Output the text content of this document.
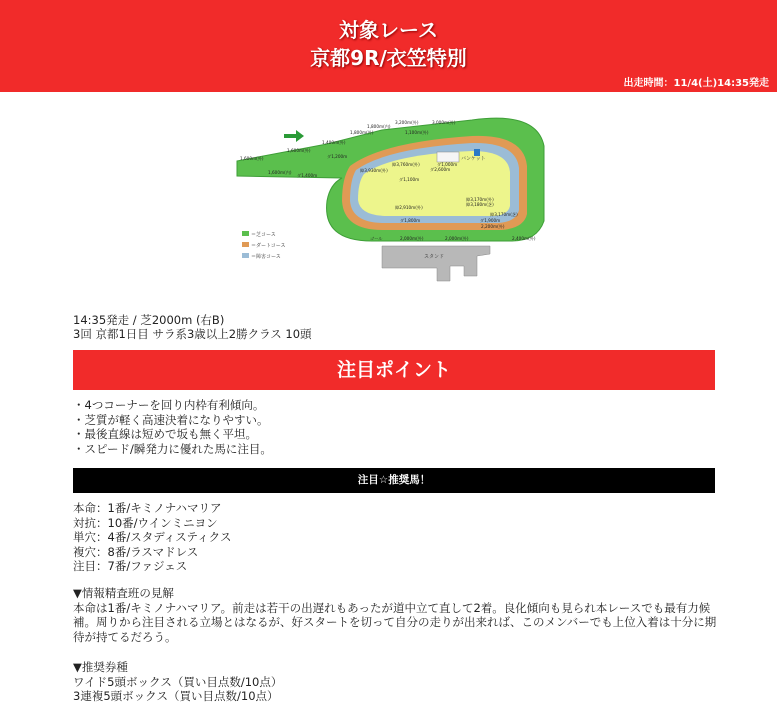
対象レース
京都9R/衣笠特別
出走時間：11/4(土)14:35発走
バンケット
スタンド
＝芝コース
＝ダートコース
＝障害コース
1,600m(外)
1,600m(外)
1,600m(内)
1,400m(外)
ダ1,400m
1,800m(外)
1,800m(内)
3,200m(外)	3,000m(外)
1,100m(外)
ダ1,200m
障3,760m(外)
障3,930m(外)
ダ1,000m
ダ2,600m
ダ1,100m
障2,910m(外)
障3,170m(外)
障3,180m(芝)
障3,170m(芝)
ダ1,900m
ダ1,800m
2,200m(外)
ゴール	2,000m(外)	2,000m(外)	2,400m(外)
14:35発走 / 芝2000m (右B)
3回 京都1日目 サラ系3歳以上2勝クラス 10頭
注目ポイント
・4つコーナーを回り内枠有利傾向。
・芝質が軽く高速決着になりやすい。
・最後直線は短めで坂も無く平坦。
・スピード/瞬発力に優れた馬に注目。
注目☆推奨馬！
本命：1番/キミノナハマリア
対抗：10番/ウインミニヨン
単穴：4番/スタディスティクス
複穴：8番/ラスマドレス
注目：7番/ファジェス
▼情報精査班の見解

本命は1番/キミノナハマリア。前走は若干の出遅れもあったが道中立て直して2着。良化傾向も見られ本レースでも最有力候補。周りから注目される立場とはなるが、好スタートを切って自分の走りが出来れば、このメンバーでも上位入着は十分に期待が持てるだろう。

▼推奨券種
ワイド5頭ボックス（買い目点数/10点）
3連複5頭ボックス（買い目点数/10点）
